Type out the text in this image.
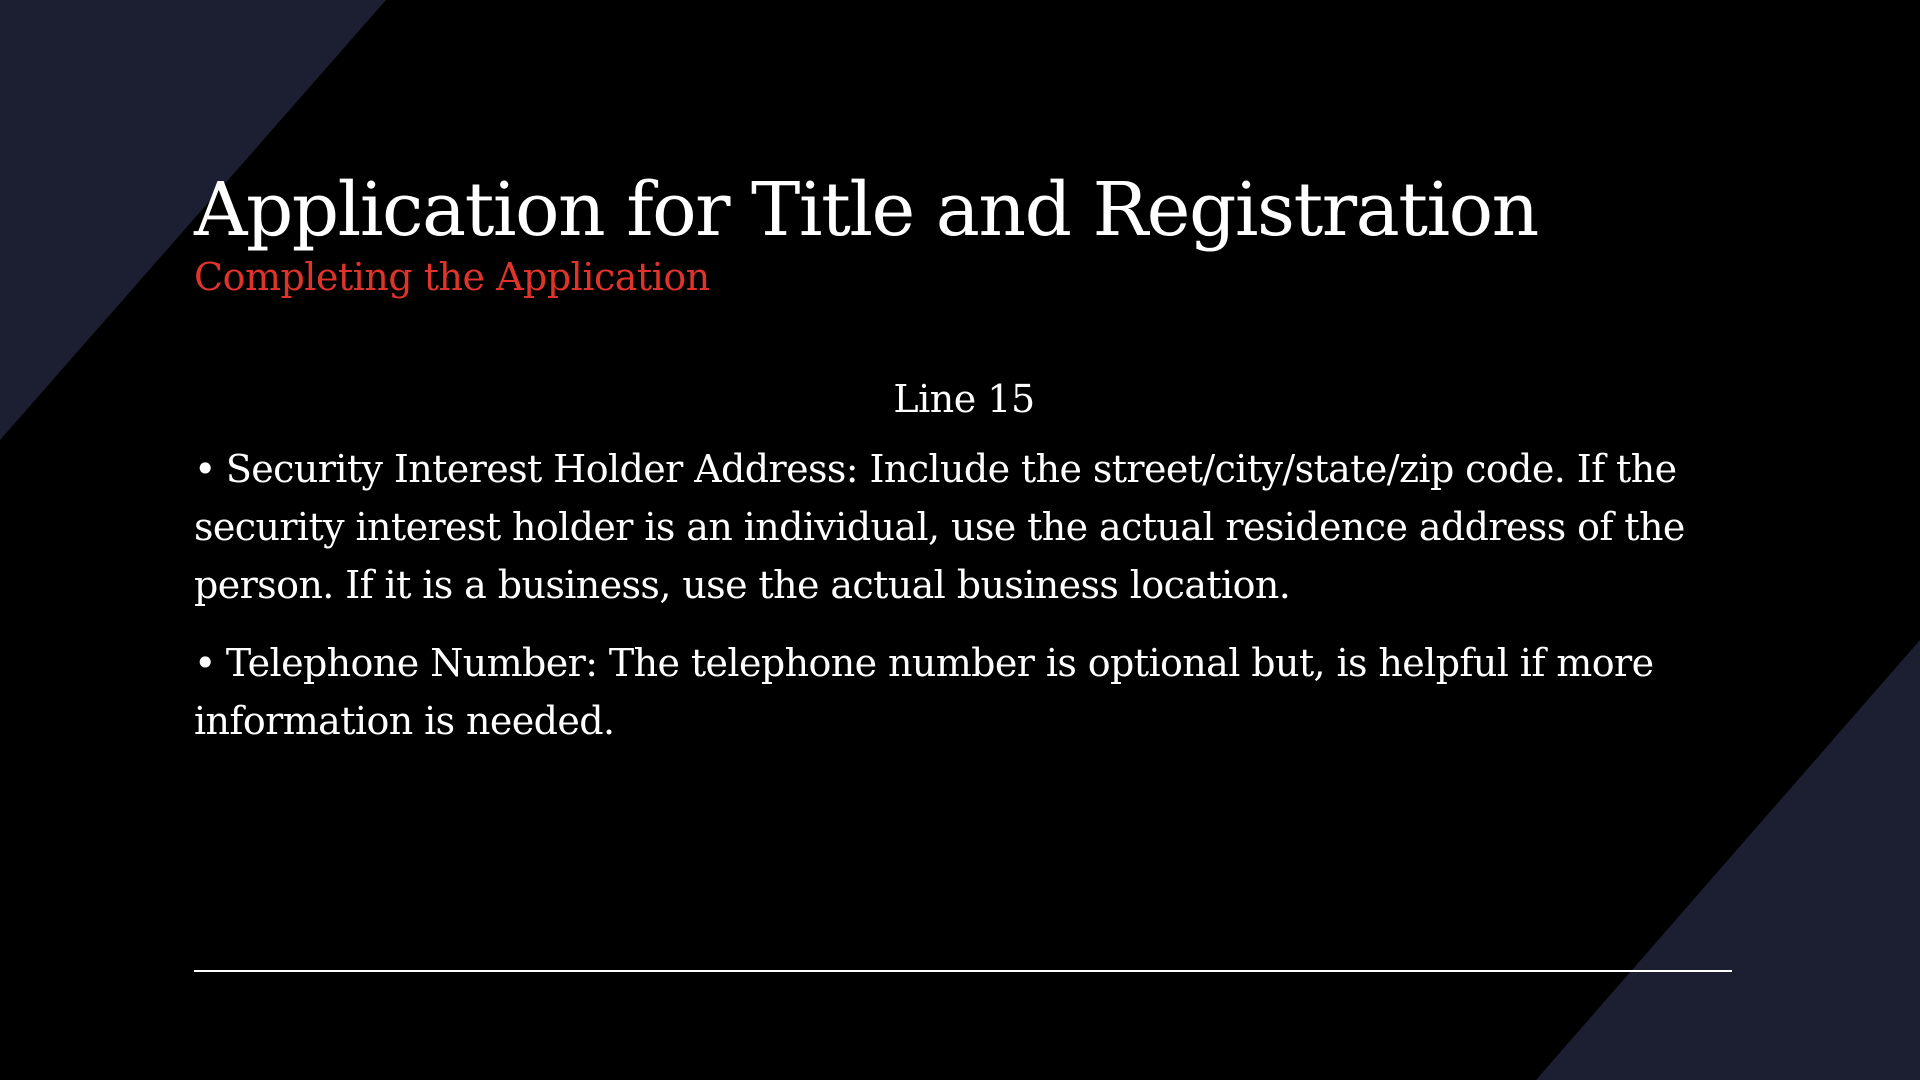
Application for Title and Registration
Completing the Application
Line 15
• Security Interest Holder Address: Include the street/city/state/zip code. If the security interest holder is an individual, use the actual residence address of the person. If it is a business, use the actual business location.
• Telephone Number: The telephone number is optional but, is helpful if more information is needed.
